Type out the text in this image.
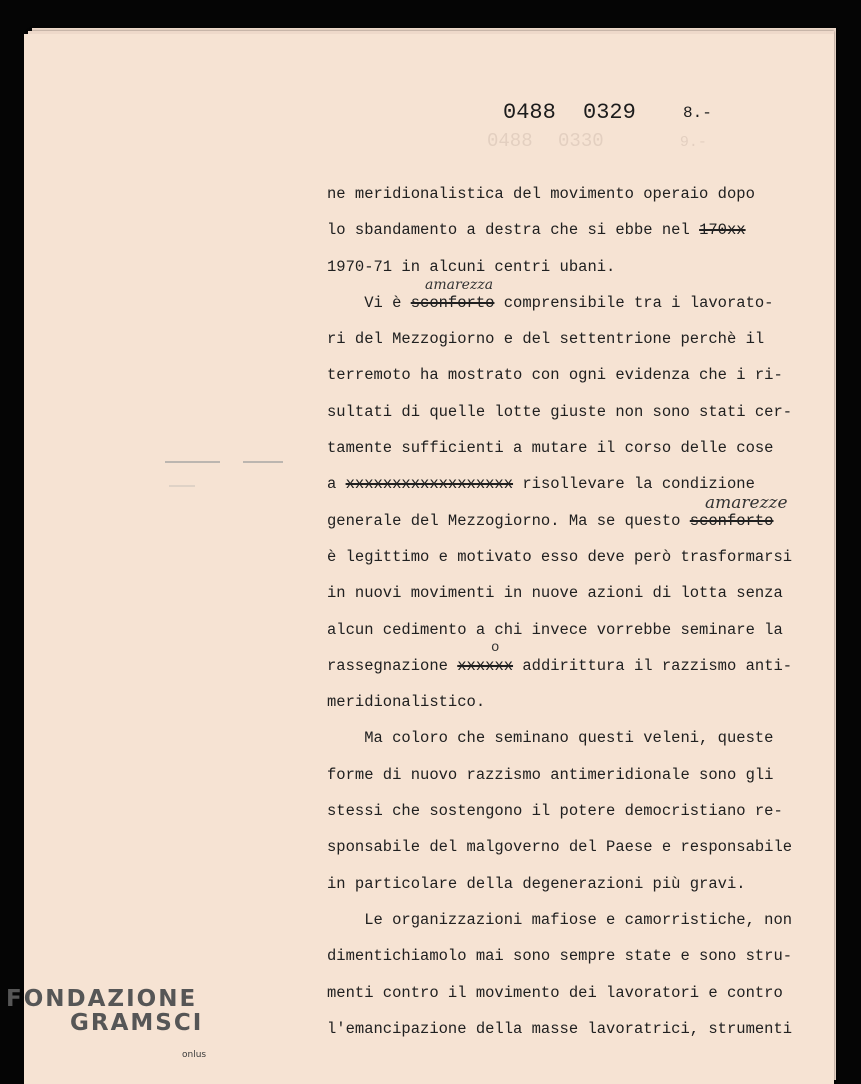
0488 0330	9.-
0488 0329	8.-
ne meridionalistica del movimento operaio dopo
lo sbandamento a destra che si ebbe nel 170xx
1970-71 in alcuni centri ubani.
Vi è sconforto comprensibile tra i lavorato-
amarezza
ri del Mezzogiorno e del settentrione perchè il
terremoto ha mostrato con ogni evidenza che i ri-
sultati di quelle lotte giuste non sono stati cer-
tamente sufficienti a mutare il corso delle cose
a xxxxxxxxxxxxxxxxxx risollevare la condizione
generale del Mezzogiorno. Ma se questo sconforto
amarezze
è legittimo e motivato esso deve però trasformarsi
in nuovi movimenti in nuove azioni di lotta senza
alcun cedimento a chi invece vorrebbe seminare la
rassegnazione xxxxxx addirittura il razzismo anti-
o
meridionalistico.
Ma coloro che seminano questi veleni, queste
forme di nuovo razzismo antimeridionale sono gli
stessi che sostengono il potere democristiano re-
sponsabile del malgoverno del Paese e responsabile
in particolare della degenerazioni più gravi.
Le organizzazioni mafiose e camorristiche, non
dimentichiamolo mai sono sempre state e sono stru-
menti contro il movimento dei lavoratori e contro
l'emancipazione della masse lavoratrici, strumenti
FONDAZIONE
GRAMSCI
onlus
